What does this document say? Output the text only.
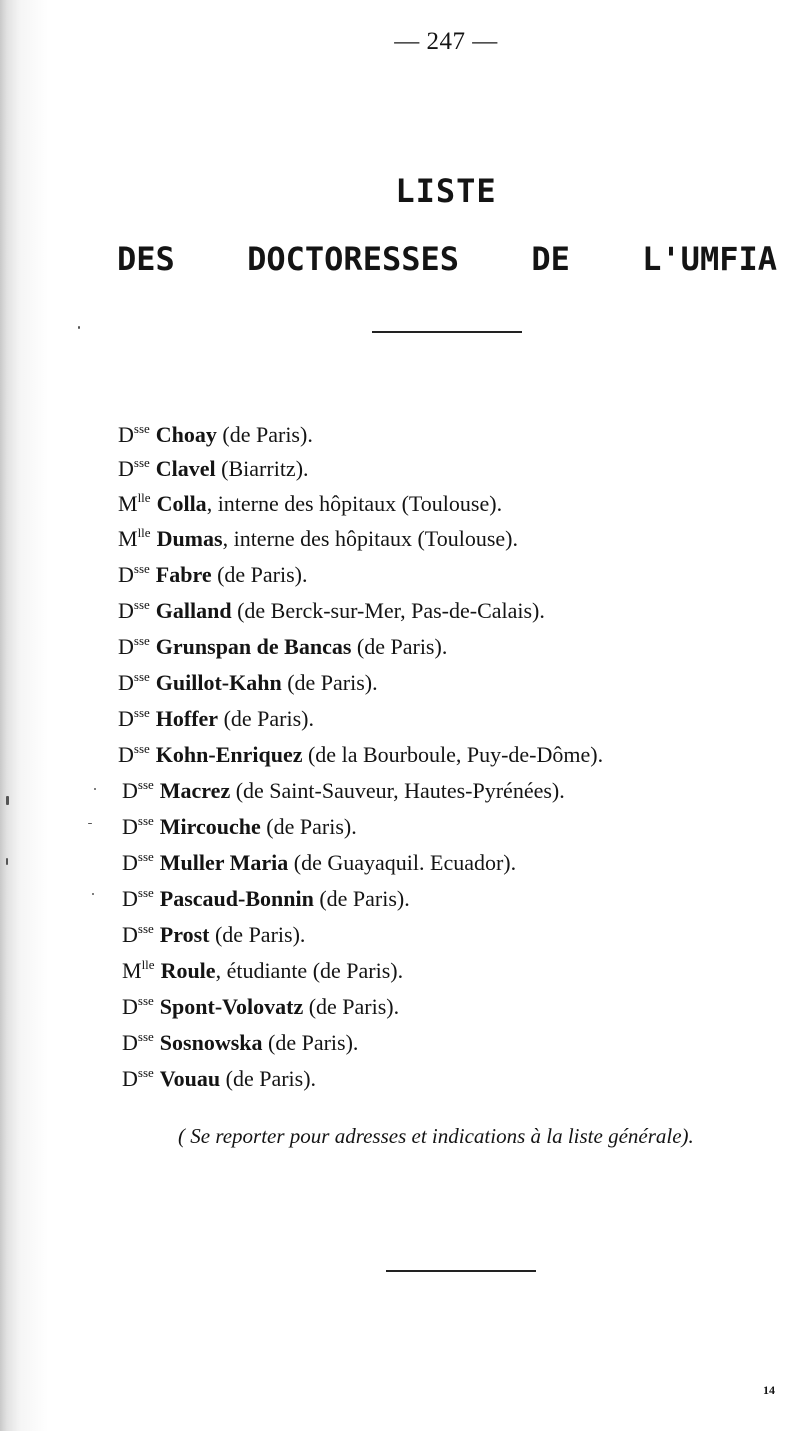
— 247 —
LISTE
DES DOCTORESSES DE L'UMFIA
$D^{sse}$ Choay (de Paris).
$D^{sse}$ Clavel (Biarritz).
$M^{lle}$ Colla, interne des hôpitaux (Toulouse).
$M^{lle}$ Dumas, interne des hôpitaux (Toulouse).
$D^{sse}$ Fabre (de Paris).
$D^{sse}$ Galland (de Berck-sur-Mer, Pas-de-Calais).
$D^{sse}$ Grunspan de Bancas (de Paris).
$D^{sse}$ Guillot-Kahn (de Paris).
$D^{sse}$ Hoffer (de Paris).
$D^{sse}$ Kohn-Enriquez (de la Bourboule, Puy-de-Dôme).
$D^{sse}$ Macrez (de Saint-Sauveur, Hautes-Pyrénées).
$D^{sse}$ Mircouche (de Paris).
$D^{sse}$ Muller Maria (de Guayaquil. Ecuador).
$D^{sse}$ Pascaud-Bonnin (de Paris).
$D^{sse}$ Prost (de Paris).
$M^{lle}$ Roule, étudiante (de Paris).
$D^{sse}$ Spont-Volovatz (de Paris).
$D^{sse}$ Sosnowska (de Paris).
$D^{sse}$ Vouau (de Paris).
( Se reporter pour adresses et indications à la liste générale).
14
